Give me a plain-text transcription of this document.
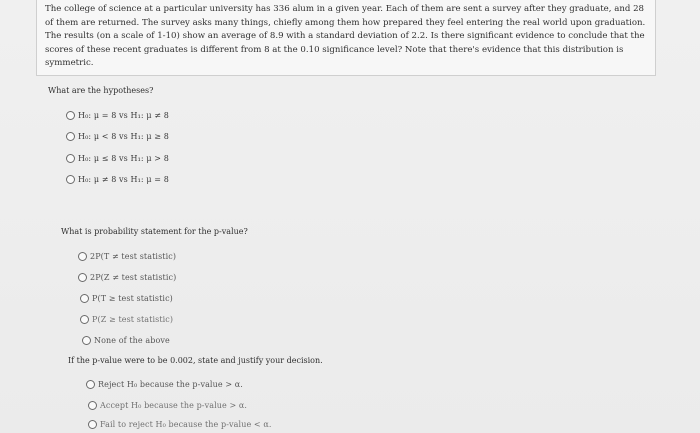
The college of science at a particular university has 336 alum in a given year. Each of them are sent a survey after they graduate, and 28 of them are returned. The survey asks many things, chiefly among them how prepared they feel entering the real world upon graduation. The results (on a scale of 1-10) show an average of 8.9 with a standard deviation of 2.2. Is there significant evidence to conclude that the scores of these recent graduates is different from 8 at the 0.10 significance level? Note that there's evidence that this distribution is symmetric.

What are the hypotheses?

H₀: μ = 8 vs H₁: μ ≠ 8
H₀: μ < 8 vs H₁: μ ≥ 8
H₀: μ ≤ 8 vs H₁: μ > 8
H₀: μ ≠ 8 vs H₁: μ = 8

What is probability statement for the p-value?

2P(T ≠ test statistic)
2P(Z ≠ test statistic)
P(T ≥ test statistic)
P(Z ≥ test statistic)
None of the above

If the p-value were to be 0.002, state and justify your decision.

Reject H₀ because the p-value > α.
Accept H₀ because the p-value > α.
Fail to reject H₀ because the p-value < α.
